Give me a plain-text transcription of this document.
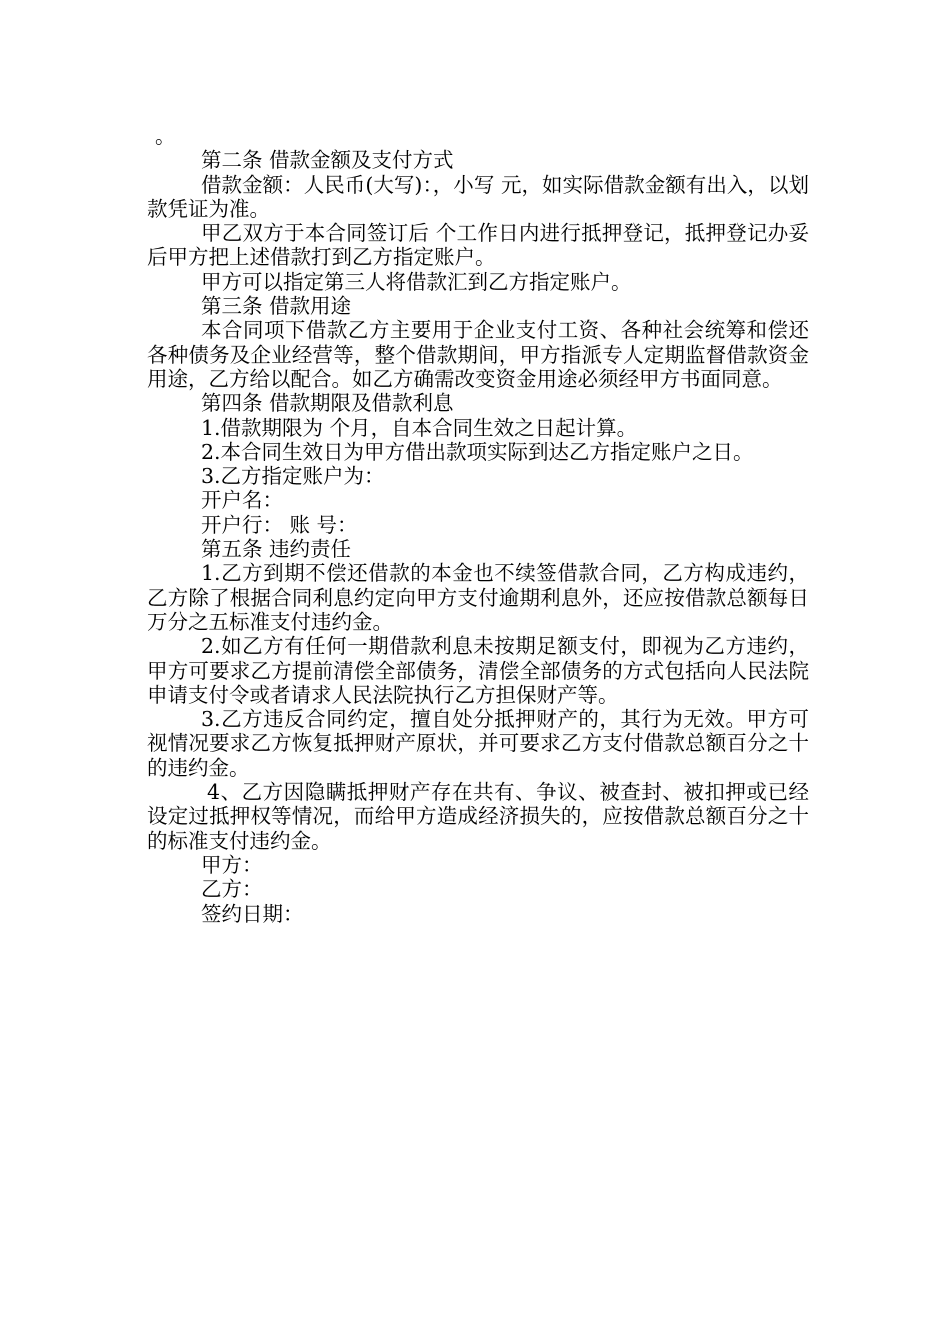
。

第二条 借款金额及支付方式

借款金额：人民币(大写)：，小写 元，如实际借款金额有出入，以划款凭证为准。

甲乙双方于本合同签订后 个工作日内进行抵押登记，抵押登记办妥后甲方把上述借款打到乙方指定账户。

甲方可以指定第三人将借款汇到乙方指定账户。

第三条 借款用途

本合同项下借款乙方主要用于企业支付工资、各种社会统筹和偿还各种债务及企业经营等，整个借款期间，甲方指派专人定期监督借款资金用途，乙方给以配合。如乙方确需改变资金用途必须经甲方书面同意。

第四条 借款期限及借款利息

1.借款期限为 个月，自本合同生效之日起计算。

2.本合同生效日为甲方借出款项实际到达乙方指定账户之日。

3.乙方指定账户为：

开户名：

开户行： 账 号：

第五条 违约责任

1.乙方到期不偿还借款的本金也不续签借款合同，乙方构成违约，乙方除了根据合同利息约定向甲方支付逾期利息外，还应按借款总额每日万分之五标准支付违约金。

2.如乙方有任何一期借款利息未按期足额支付，即视为乙方违约，甲方可要求乙方提前清偿全部债务，清偿全部债务的方式包括向人民法院申请支付令或者请求人民法院执行乙方担保财产等。

3.乙方违反合同约定，擅自处分抵押财产的，其行为无效。甲方可视情况要求乙方恢复抵押财产原状，并可要求乙方支付借款总额百分之十的违约金。

4、乙方因隐瞒抵押财产存在共有、争议、被查封、被扣押或已经设定过抵押权等情况，而给甲方造成经济损失的，应按借款总额百分之十的标准支付违约金。

甲方：

乙方：

签约日期：
